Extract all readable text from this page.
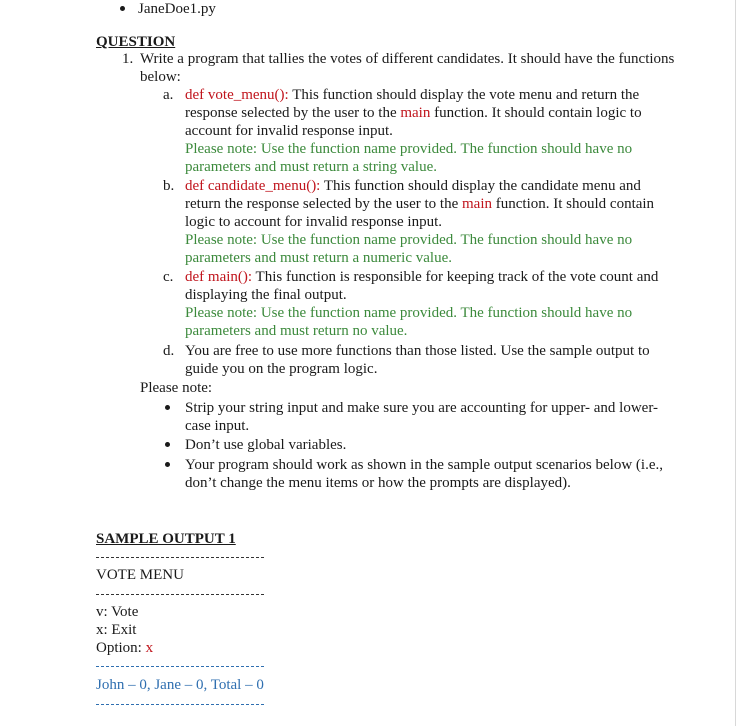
JaneDoe1.py
QUESTION
1. Write a program that tallies the votes of different candidates. It should have the functions
below:
a. def vote_menu(): This function should display the vote menu and return the
response selected by the user to the main function. It should contain logic to
account for invalid response input.
Please note: Use the function name provided. The function should have no
parameters and must return a string value.
b. def candidate_menu(): This function should display the candidate menu and
return the response selected by the user to the main function. It should contain
logic to account for invalid response input.
Please note: Use the function name provided. The function should have no
parameters and must return a numeric value.
c. def main(): This function is responsible for keeping track of the vote count and
displaying the final output.
Please note: Use the function name provided. The function should have no
parameters and must return no value.
d. You are free to use more functions than those listed. Use the sample output to
guide you on the program logic.
Please note:
Strip your string input and make sure you are accounting for upper- and lower-
case input.
Don’t use global variables.
Your program should work as shown in the sample output scenarios below (i.e.,
don’t change the menu items or how the prompts are displayed).
SAMPLE OUTPUT 1
VOTE MENU
v: Vote
x: Exit
Option: x
John – 0, Jane – 0, Total – 0
